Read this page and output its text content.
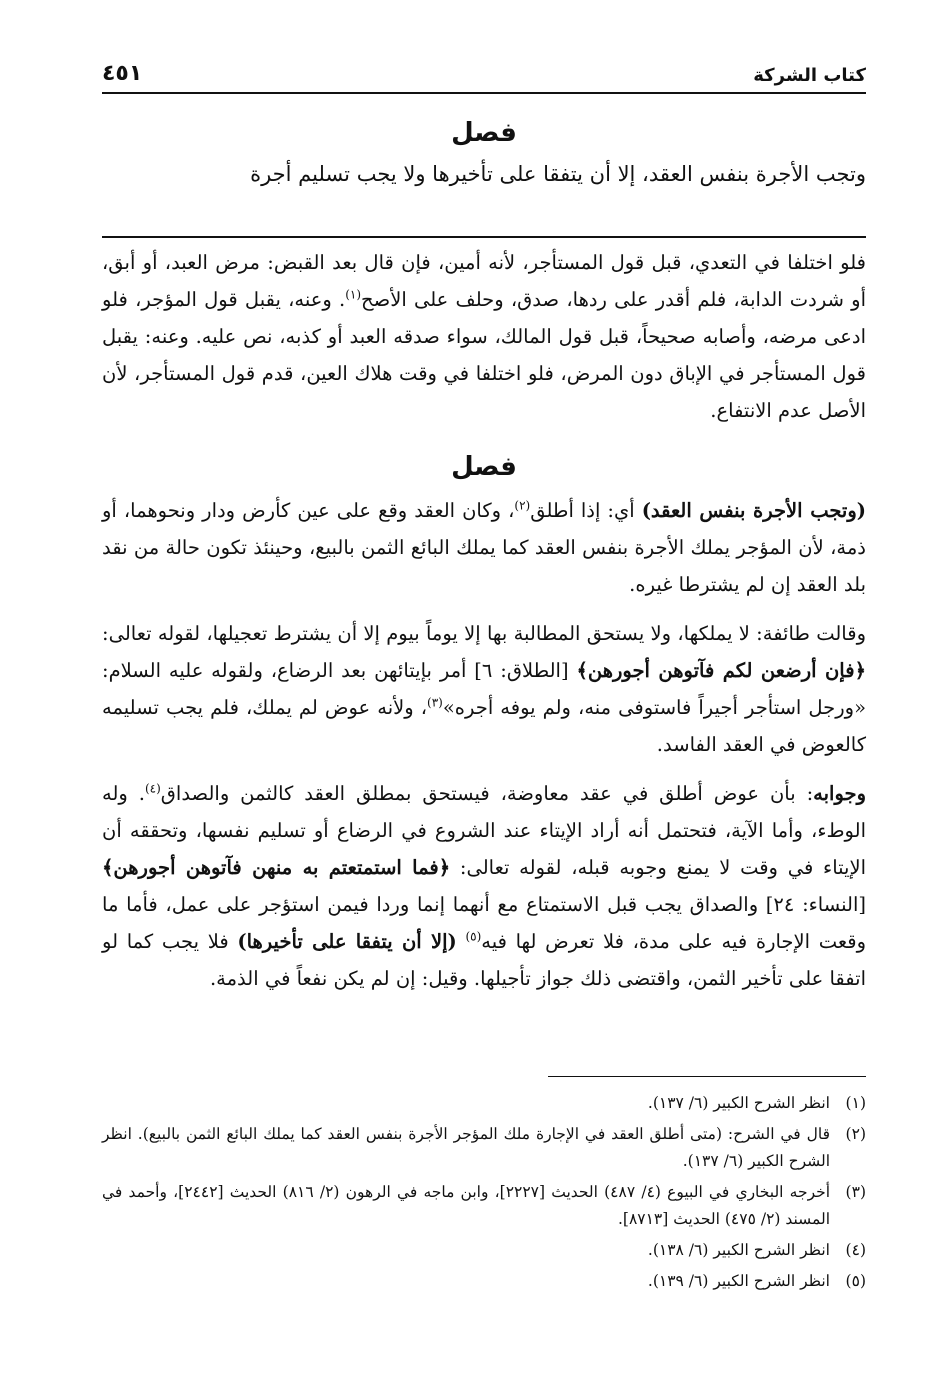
كتاب الشركة
٤٥١
فصل

وتجب الأجرة بنفس العقد، إلا أن يتفقا على تأخيرها ولا يجب تسليم أجرة

فلو اختلفا في التعدي، قبل قول المستأجر، لأنه أمين، فإن قال بعد القبض: مرض العبد، أو أبق، أو شردت الدابة، فلم أقدر على ردها، صدق، وحلف على الأصح$^{(١)}$. وعنه، يقبل قول المؤجر، فلو ادعى مرضه، وأصابه صحيحاً، قبل قول المالك، سواء صدقه العبد أو كذبه، نص عليه. وعنه: يقبل قول المستأجر في الإباق دون المرض، فلو اختلفا في وقت هلاك العين، قدم قول المستأجر، لأن الأصل عدم الانتفاع.

فصل

(وتجب الأجرة بنفس العقد) أي: إذا أطلق$^{(٢)}$، وكان العقد وقع على عين كأرض ودار ونحوهما، أو ذمة، لأن المؤجر يملك الأجرة بنفس العقد كما يملك البائع الثمن بالبيع، وحينئذ تكون حالة من نقد بلد العقد إن لم يشترطا غيره.

وقالت طائفة: لا يملكها، ولا يستحق المطالبة بها إلا يوماً بيوم إلا أن يشترط تعجيلها، لقوله تعالى: ﴿فإن أرضعن لكم فآتوهن أجورهن﴾ [الطلاق: ٦] أمر بإيتائهن بعد الرضاع، ولقوله عليه السلام: «ورجل استأجر أجيراً فاستوفى منه، ولم يوفه أجره»$^{(٣)}$، ولأنه عوض لم يملك، فلم يجب تسليمه كالعوض في العقد الفاسد.

وجوابه: بأن عوض أطلق في عقد معاوضة، فيستحق بمطلق العقد كالثمن والصداق$^{(٤)}$. وله الوطء، وأما الآية، فتحتمل أنه أراد الإيتاء عند الشروع في الرضاع أو تسليم نفسها، وتحققه أن الإيتاء في وقت لا يمنع وجوبه قبله، لقوله تعالى: ﴿فما استمتعتم به منهن فآتوهن أجورهن﴾ [النساء: ٢٤] والصداق يجب قبل الاستمتاع مع أنهما إنما وردا فيمن استؤجر على عمل، فأما ما وقعت الإجارة فيه على مدة، فلا تعرض لها فيه$^{(٥)}$ (إلا أن يتفقا على تأخيرها) فلا يجب كما لو اتفقا على تأخير الثمن، واقتضى ذلك جواز تأجيلها. وقيل: إن لم يكن نفعاً في الذمة.

(١)
انظر الشرح الكبير (٦/ ١٣٧).
(٢)
قال في الشرح: (متى أطلق العقد في الإجارة ملك المؤجر الأجرة بنفس العقد كما يملك البائع الثمن بالبيع). انظر الشرح الكبير (٦/ ١٣٧).
(٣)
أخرجه البخاري في البيوع (٤/ ٤٨٧) الحديث [٢٢٢٧]، وابن ماجه في الرهون (٢/ ٨١٦) الحديث [٢٤٤٢]، وأحمد في المسند (٢/ ٤٧٥) الحديث [٨٧١٣].
(٤)
انظر الشرح الكبير (٦/ ١٣٨).
(٥)
انظر الشرح الكبير (٦/ ١٣٩).
